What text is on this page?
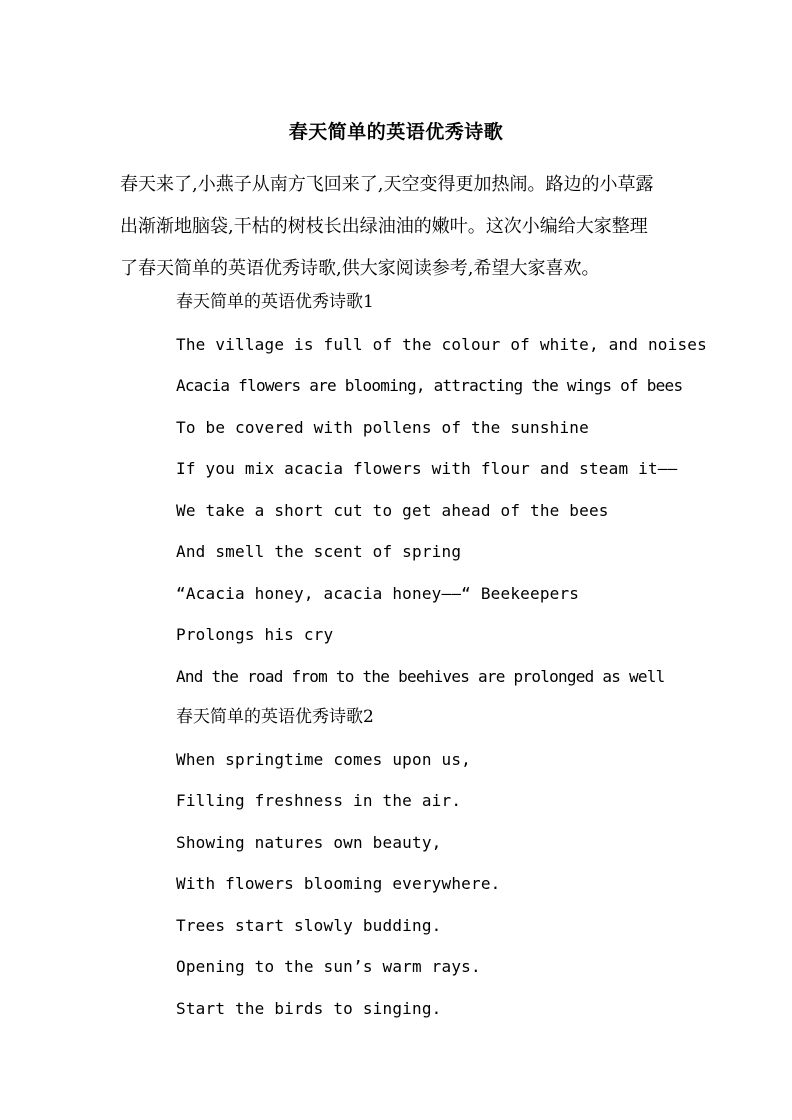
春天简单的英语优秀诗歌
春天来了,小燕子从南方飞回来了,天空变得更加热闹。路边的小草露
出渐渐地脑袋,干枯的树枝长出绿油油的嫩叶。这次小编给大家整理
了春天简单的英语优秀诗歌,供大家阅读参考,希望大家喜欢。
春天简单的英语优秀诗歌1
The village is full of the colour of white, and noises
Acacia flowers are blooming, attracting the wings of bees
To be covered with pollens of the sunshine
If you mix acacia flowers with flour and steam it——
We take a short cut to get ahead of the bees
And smell the scent of spring
“Acacia honey, acacia honey——“ Beekeepers
Prolongs his cry
And the road from to the beehives are prolonged as well
春天简单的英语优秀诗歌2
When springtime comes upon us,
Filling freshness in the air.
Showing natures own beauty,
With flowers blooming everywhere.
Trees start slowly budding.
Opening to the sun’s warm rays.
Start the birds to singing.
